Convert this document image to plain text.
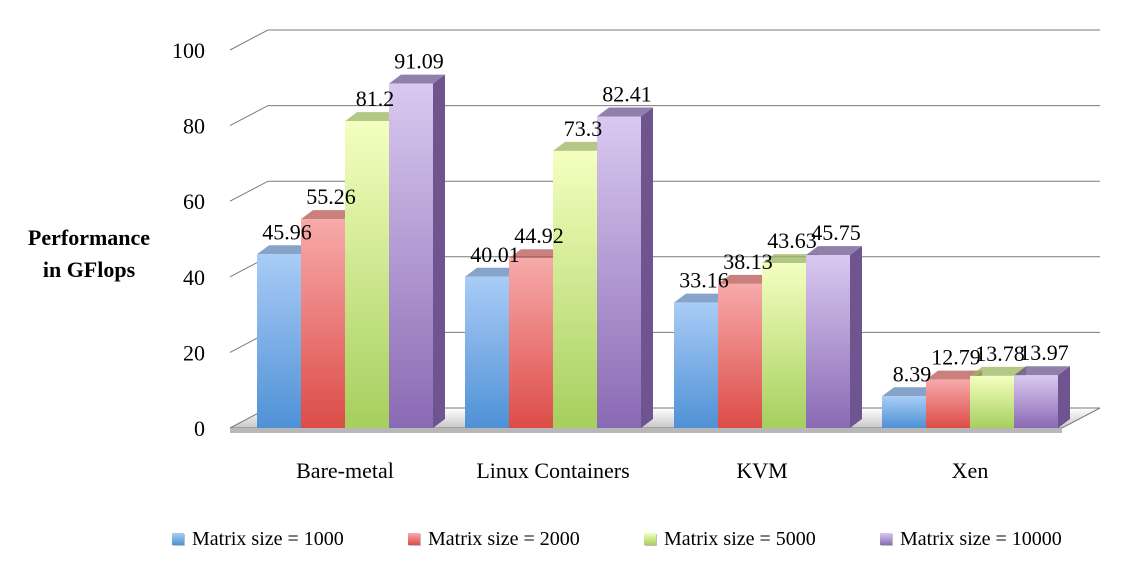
0
20
40
60
80
100
45.96
55.26
81.2
91.09
40.01
44.92
73.3
82.41
33.16
38.13
43.63
45.75
8.39
12.79
13.78
13.97
Bare-metal	Linux Containers	KVM	Xen
Performance
in GFlops
Matrix size = 1000	Matrix size = 2000	Matrix size = 5000	Matrix size = 10000
